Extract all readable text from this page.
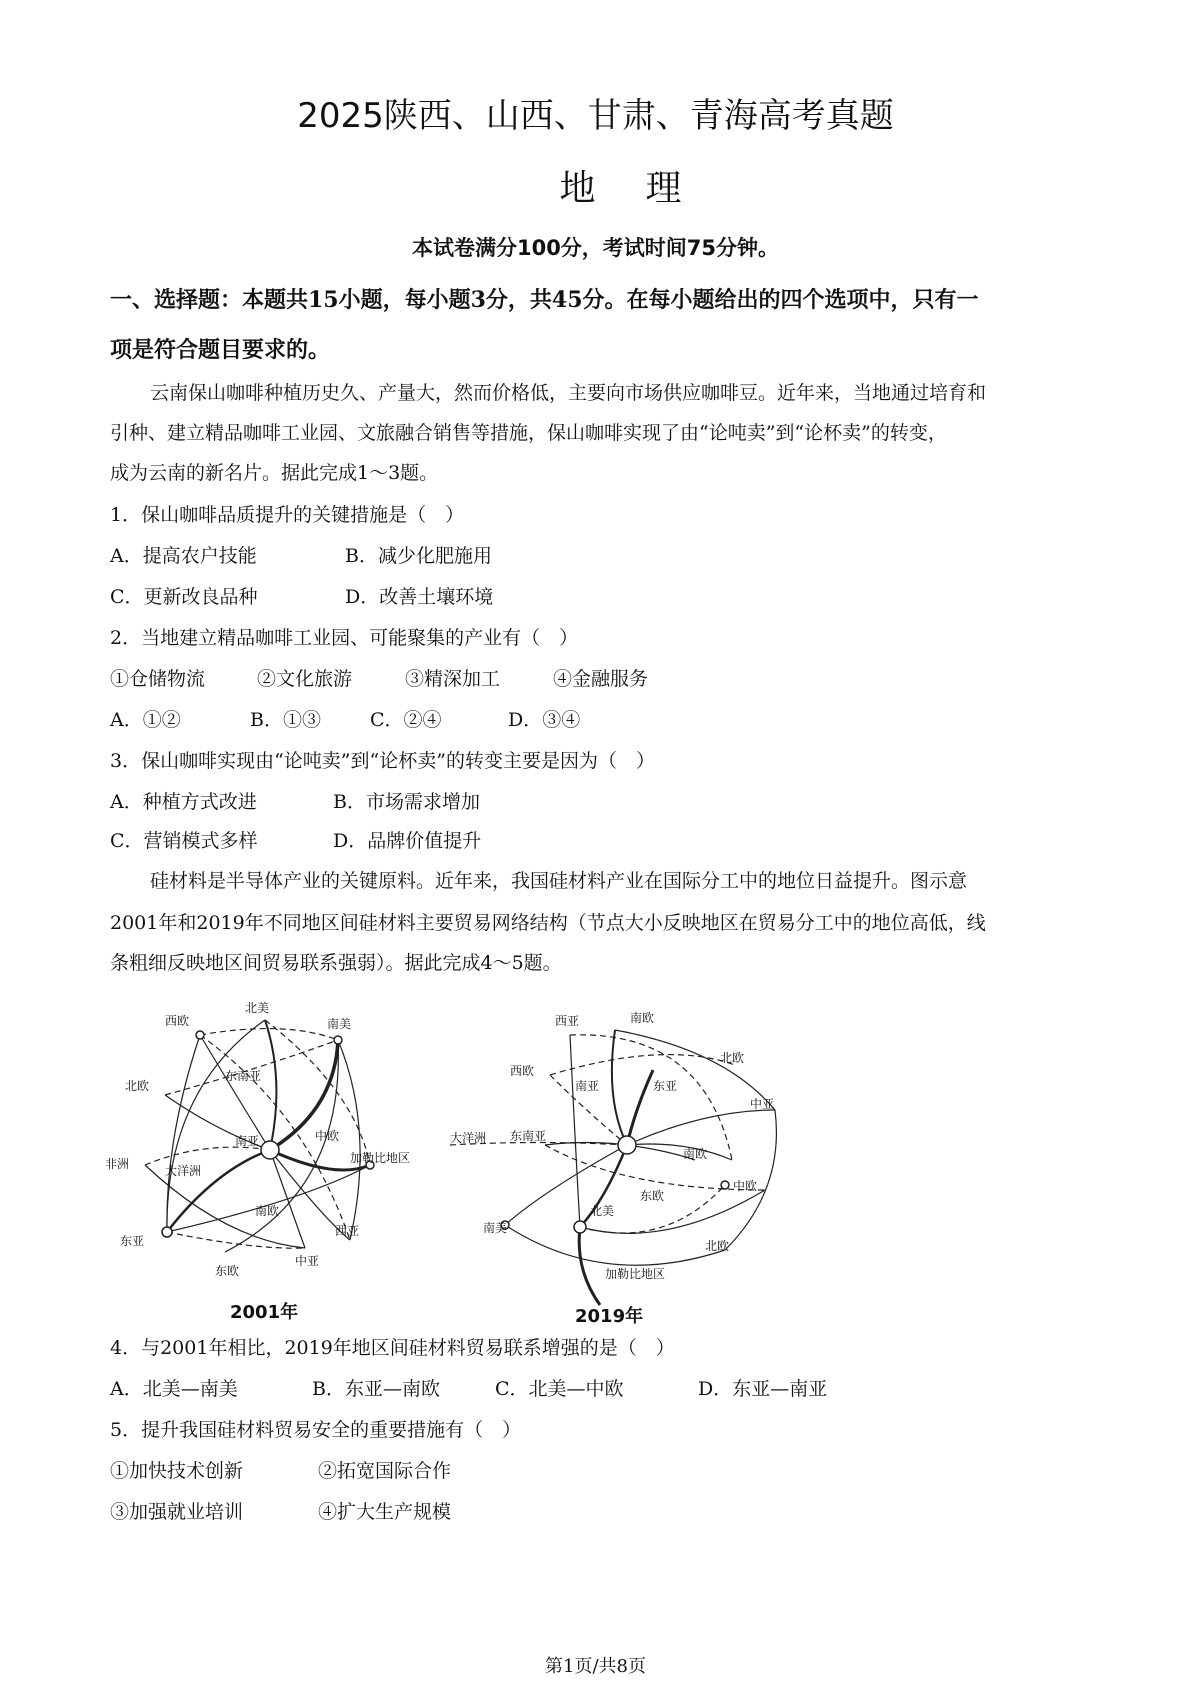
2025陕西、山西、甘肃、青海高考真题
地理
本试卷满分100分，考试时间75分钟。
一、选择题：本题共15小题，每小题3分，共45分。在每小题给出的四个选项中，只有一
项是符合题目要求的。
云南保山咖啡种植历史久、产量大，然而价格低，主要向市场供应咖啡豆。近年来，当地通过培育和
引种、建立精品咖啡工业园、文旅融合销售等措施，保山咖啡实现了由“论吨卖”到“论杯卖”的转变，
成为云南的新名片。据此完成1～3题。
1．保山咖啡品质提升的关键措施是（　）
A．提高农户技能	B．减少化肥施用
C．更新改良品种	D．改善土壤环境
2．当地建立精品咖啡工业园、可能聚集的产业有（　）
①仓储物流	②文化旅游	③精深加工	④金融服务
A．①②	B．①③	C．②④	D．③④
3．保山咖啡实现由“论吨卖”到“论杯卖”的转变主要是因为（　）
A．种植方式改进	B．市场需求增加
C．营销模式多样	D．品牌价值提升
硅材料是半导体产业的关键原料。近年来，我国硅材料产业在国际分工中的地位日益提升。图示意
2001年和2019年不同地区间硅材料主要贸易网络结构（节点大小反映地区在贸易分工中的地位高低，线
条粗细反映地区间贸易联系强弱）。据此完成4～5题。
西欧
北美
南美
北欧
东南亚
中欧
非洲
南亚
加勒比地区
大洋洲
南欧
西亚
东亚
东欧
中亚
西亚	南欧
北欧
西欧
南亚	东亚
中亚
大洋洲 东南亚
南欧
中欧
东欧
南美
北美
北欧
加勒比地区
2001年	2019年
4．与2001年相比，2019年地区间硅材料贸易联系增强的是（　）
A．北美—南美	B．东亚—南欧	C．北美—中欧	D．东亚—南亚
5．提升我国硅材料贸易安全的重要措施有（　）
①加快技术创新	②拓宽国际合作
③加强就业培训	④扩大生产规模
第1页/共8页
